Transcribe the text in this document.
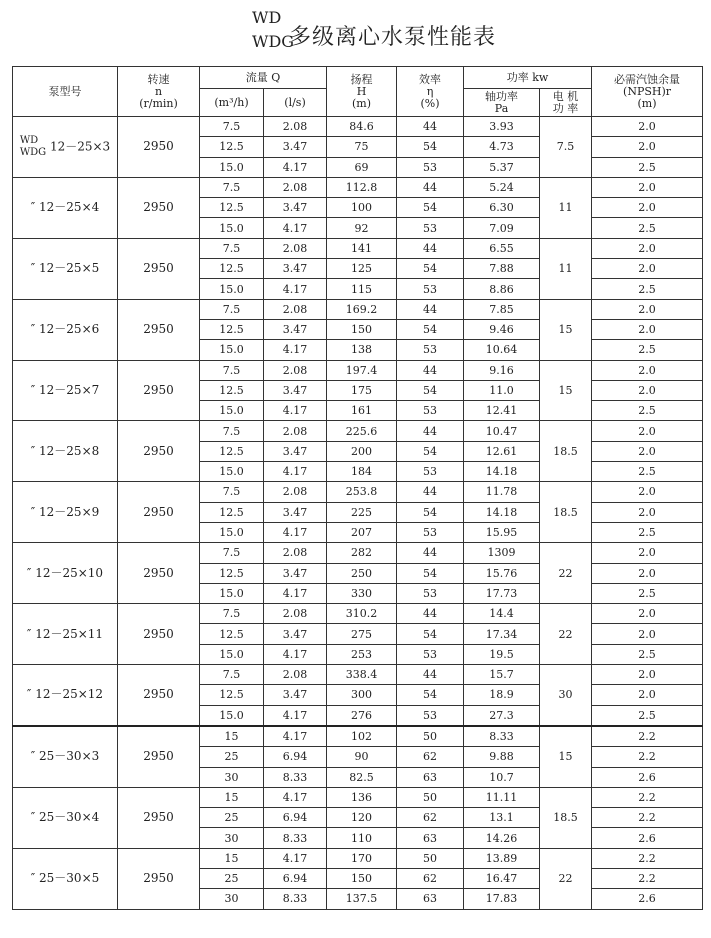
WD
WDG
多级离心水泵性能表
泵型号	转速
n
(r/min)	流量 Q		扬程
H
(m)	效率
η
(%)	功率 kw		必需汽蚀余量
(NPSH)r
(m)
		(m³/h)	(l/s)			轴功率
Pa	电 机
功 率	
WD
WDG 12－25×3	2950	7.5	2.08	84.6	44	3.93	7.5	2.0
		12.5	3.47	75	54	4.73		2.0
		15.0	4.17	69	53	5.37		2.5
″ 12－25×4	2950	7.5	2.08	112.8	44	5.24	11	2.0
		12.5	3.47	100	54	6.30		2.0
		15.0	4.17	92	53	7.09		2.5
″ 12－25×5	2950	7.5	2.08	141	44	6.55	11	2.0
		12.5	3.47	125	54	7.88		2.0
		15.0	4.17	115	53	8.86		2.5
″ 12－25×6	2950	7.5	2.08	169.2	44	7.85	15	2.0
		12.5	3.47	150	54	9.46		2.0
		15.0	4.17	138	53	10.64		2.5
″ 12－25×7	2950	7.5	2.08	197.4	44	9.16	15	2.0
		12.5	3.47	175	54	11.0		2.0
		15.0	4.17	161	53	12.41		2.5
″ 12－25×8	2950	7.5	2.08	225.6	44	10.47	18.5	2.0
		12.5	3.47	200	54	12.61		2.0
		15.0	4.17	184	53	14.18		2.5
″ 12－25×9	2950	7.5	2.08	253.8	44	11.78	18.5	2.0
		12.5	3.47	225	54	14.18		2.0
		15.0	4.17	207	53	15.95		2.5
″ 12－25×10	2950	7.5	2.08	282	44	1309	22	2.0
		12.5	3.47	250	54	15.76		2.0
		15.0	4.17	330	53	17.73		2.5
″ 12－25×11	2950	7.5	2.08	310.2	44	14.4	22	2.0
		12.5	3.47	275	54	17.34		2.0
		15.0	4.17	253	53	19.5		2.5
″ 12－25×12	2950	7.5	2.08	338.4	44	15.7	30	2.0
		12.5	3.47	300	54	18.9		2.0
		15.0	4.17	276	53	27.3		2.5
″ 25－30×3	2950	15	4.17	102	50	8.33	15	2.2
		25	6.94	90	62	9.88		2.2
		30	8.33	82.5	63	10.7		2.6
″ 25－30×4	2950	15	4.17	136	50	11.11	18.5	2.2
		25	6.94	120	62	13.1		2.2
		30	8.33	110	63	14.26		2.6
″ 25－30×5	2950	15	4.17	170	50	13.89	22	2.2
		25	6.94	150	62	16.47		2.2
		30	8.33	137.5	63	17.83		2.6
